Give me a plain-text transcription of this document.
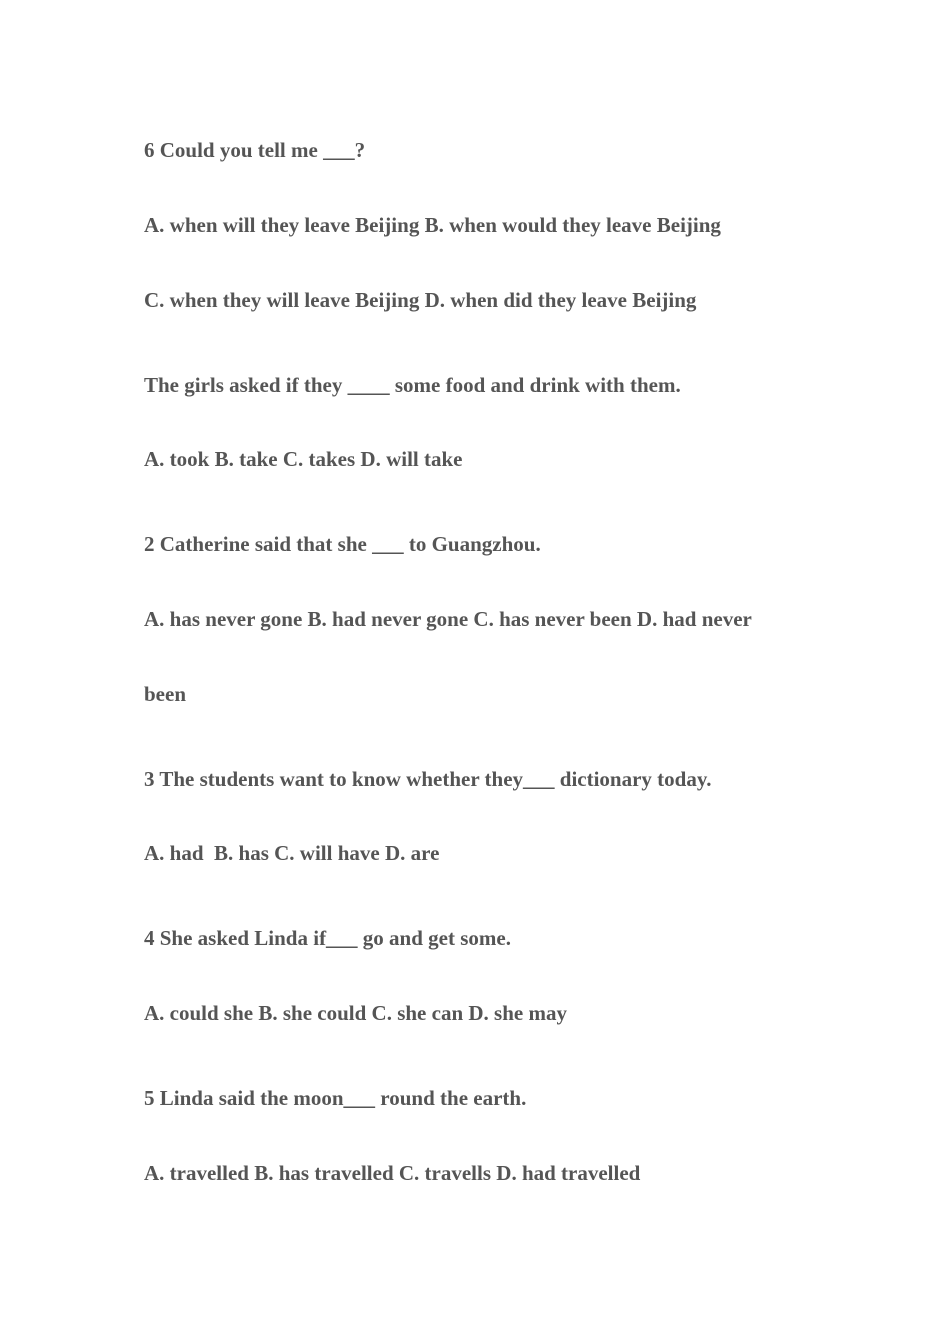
6 Could you tell me ___?
A. when will they leave Beijing B. when would they leave Beijing
C. when they will leave Beijing D. when did they leave Beijing
The girls asked if they ____ some food and drink with them.
A. took B. take C. takes D. will take
2 Catherine said that she ___ to Guangzhou.
A. has never gone B. had never gone C. has never been D. had never
been
3 The students want to know whether they___ dictionary today.
A. had  B. has C. will have D. are
4 She asked Linda if___ go and get some.
A. could she B. she could C. she can D. she may
5 Linda said the moon___ round the earth.
A. travelled B. has travelled C. travells D. had travelled
